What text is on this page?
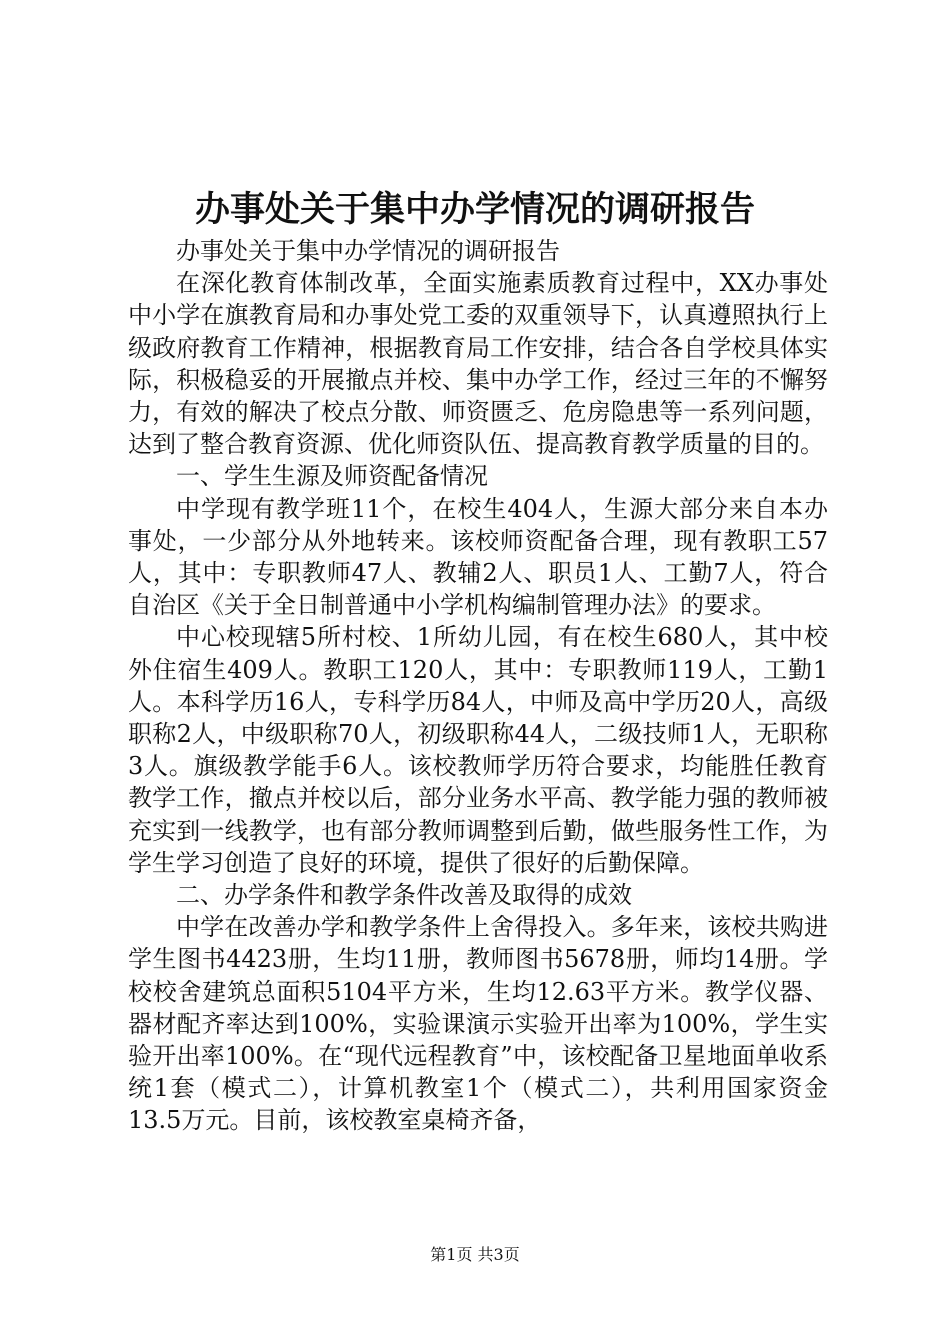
办事处关于集中办学情况的调研报告

办事处关于集中办学情况的调研报告

在深化教育体制改革，全面实施素质教育过程中，XX办事处中小学在旗教育局和办事处党工委的双重领导下，认真遵照执行上级政府教育工作精神，根据教育局工作安排，结合各自学校具体实际，积极稳妥的开展撤点并校、集中办学工作，经过三年的不懈努力，有效的解决了校点分散、师资匮乏、危房隐患等一系列问题，达到了整合教育资源、优化师资队伍、提高教育教学质量的目的。

一、学生生源及师资配备情况

中学现有教学班11个，在校生404人，生源大部分来自本办事处，一少部分从外地转来。该校师资配备合理，现有教职工57人，其中：专职教师47人、教辅2人、职员1人、工勤7人，符合自治区《关于全日制普通中小学机构编制管理办法》的要求。

中心校现辖5所村校、1所幼儿园，有在校生680人，其中校外住宿生409人。教职工120人，其中：专职教师119人，工勤1人。本科学历16人，专科学历84人，中师及高中学历20人，高级职称2人，中级职称70人，初级职称44人，二级技师1人，无职称3人。旗级教学能手6人。该校教师学历符合要求，均能胜任教育教学工作，撤点并校以后，部分业务水平高、教学能力强的教师被充实到一线教学，也有部分教师调整到后勤，做些服务性工作，为学生学习创造了良好的环境，提供了很好的后勤保障。

二、办学条件和教学条件改善及取得的成效

中学在改善办学和教学条件上舍得投入。多年来，该校共购进学生图书4423册，生均11册，教师图书5678册，师均14册。学校校舍建筑总面积5104平方米，生均12.63平方米。教学仪器、器材配齐率达到100%，实验课演示实验开出率为100%，学生实验开出率100%。在“现代远程教育”中，该校配备卫星地面单收系统1套（模式二），计算机教室1个（模式二），共利用国家资金13.5万元。目前，该校教室桌椅齐备，

第1页 共3页
